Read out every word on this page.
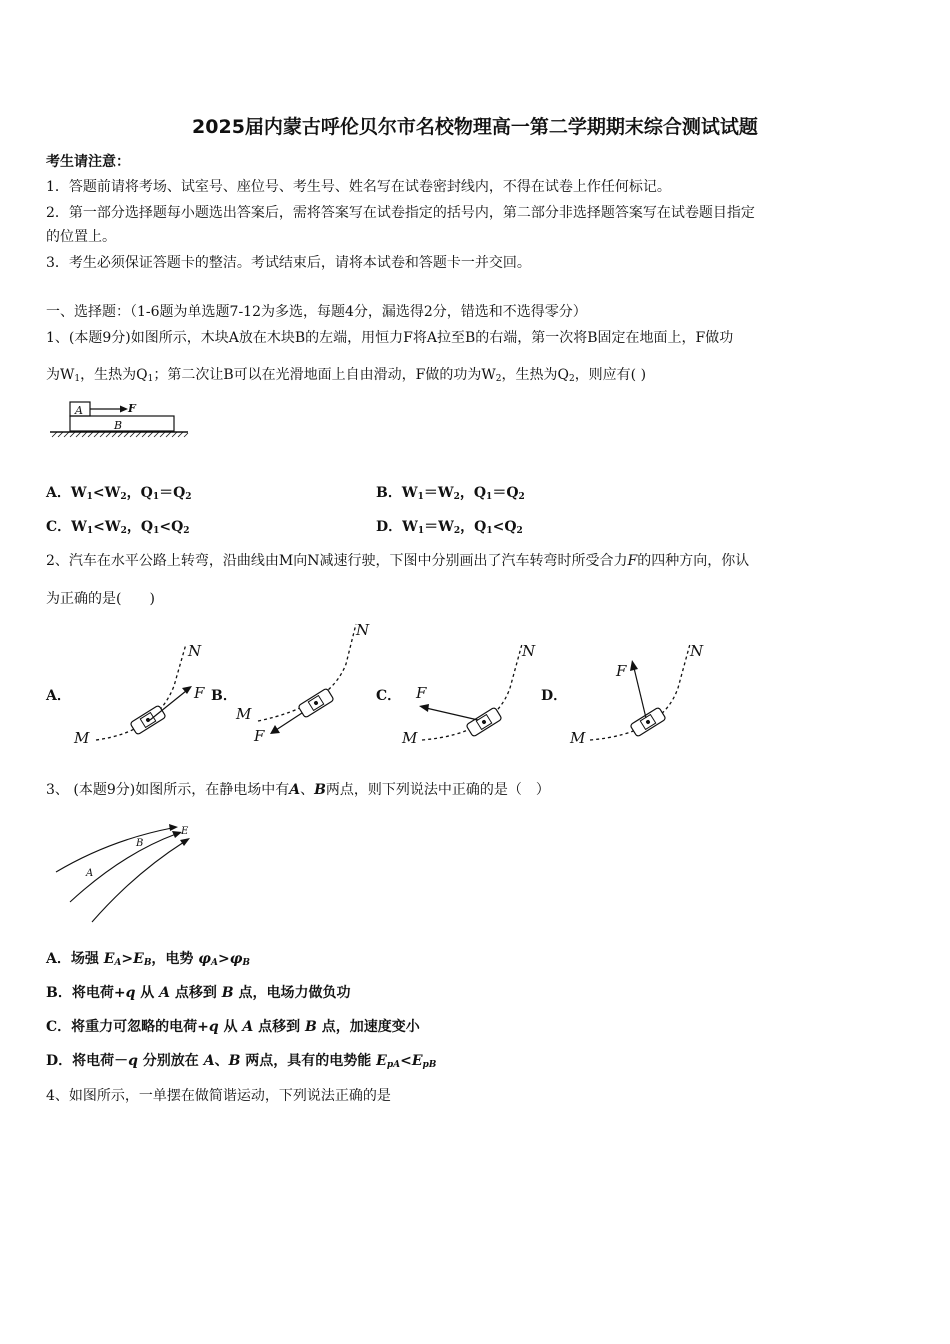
2025届内蒙古呼伦贝尔市名校物理高一第二学期期末综合测试试题
考生请注意：
1．答题前请将考场、试室号、座位号、考生号、姓名写在试卷密封线内，不得在试卷上作任何标记。
2．第一部分选择题每小题选出答案后，需将答案写在试卷指定的括号内，第二部分非选择题答案写在试卷题目指定
的位置上。
3．考生必须保证答题卡的整洁。考试结束后，请将本试卷和答题卡一并交回。
一、选择题：（1-6题为单选题7-12为多选，每题4分，漏选得2分，错选和不选得零分）
1、(本题9分)如图所示，木块A放在木块B的左端，用恒力F将A拉至B的右端，第一次将B固定在地面上，F做功
为$W_1$，生热为$Q_1$；第二次让B可以在光滑地面上自由滑动，F做的功为$W_2$，生热为$Q_2$，则应有( )
A	F
B
A．$W_1<W_2$，$Q_1=Q_2$	B．$W_1=W_2$，$Q_1=Q_2$
C．$W_1<W_2$，$Q_1<Q_2$	D．$W_1=W_2$，$Q_1<Q_2$
2、汽车在水平公路上转弯，沿曲线由M向N减速行驶，下图中分别画出了汽车转弯时所受合力F的四种方向，你认
为正确的是(　　)
A．	B．	C．	D．
M
N
F
M
N
F	M
N
F
M
N
F
3、 (本题9分)如图所示，在静电场中有A、B两点，则下列说法中正确的是（　）
A
B
E
A．场强 $E_A>E_B$，电势 $\varphi_A>\varphi_B$
B．将电荷+q 从 A 点移到 B 点，电场力做负功
C．将重力可忽略的电荷+q 从 A 点移到 B 点，加速度变小
D．将电荷－q 分别放在 A、B 两点，具有的电势能 $E_{pA}<E_{pB}$
4、如图所示，一单摆在做简谐运动，下列说法正确的是
